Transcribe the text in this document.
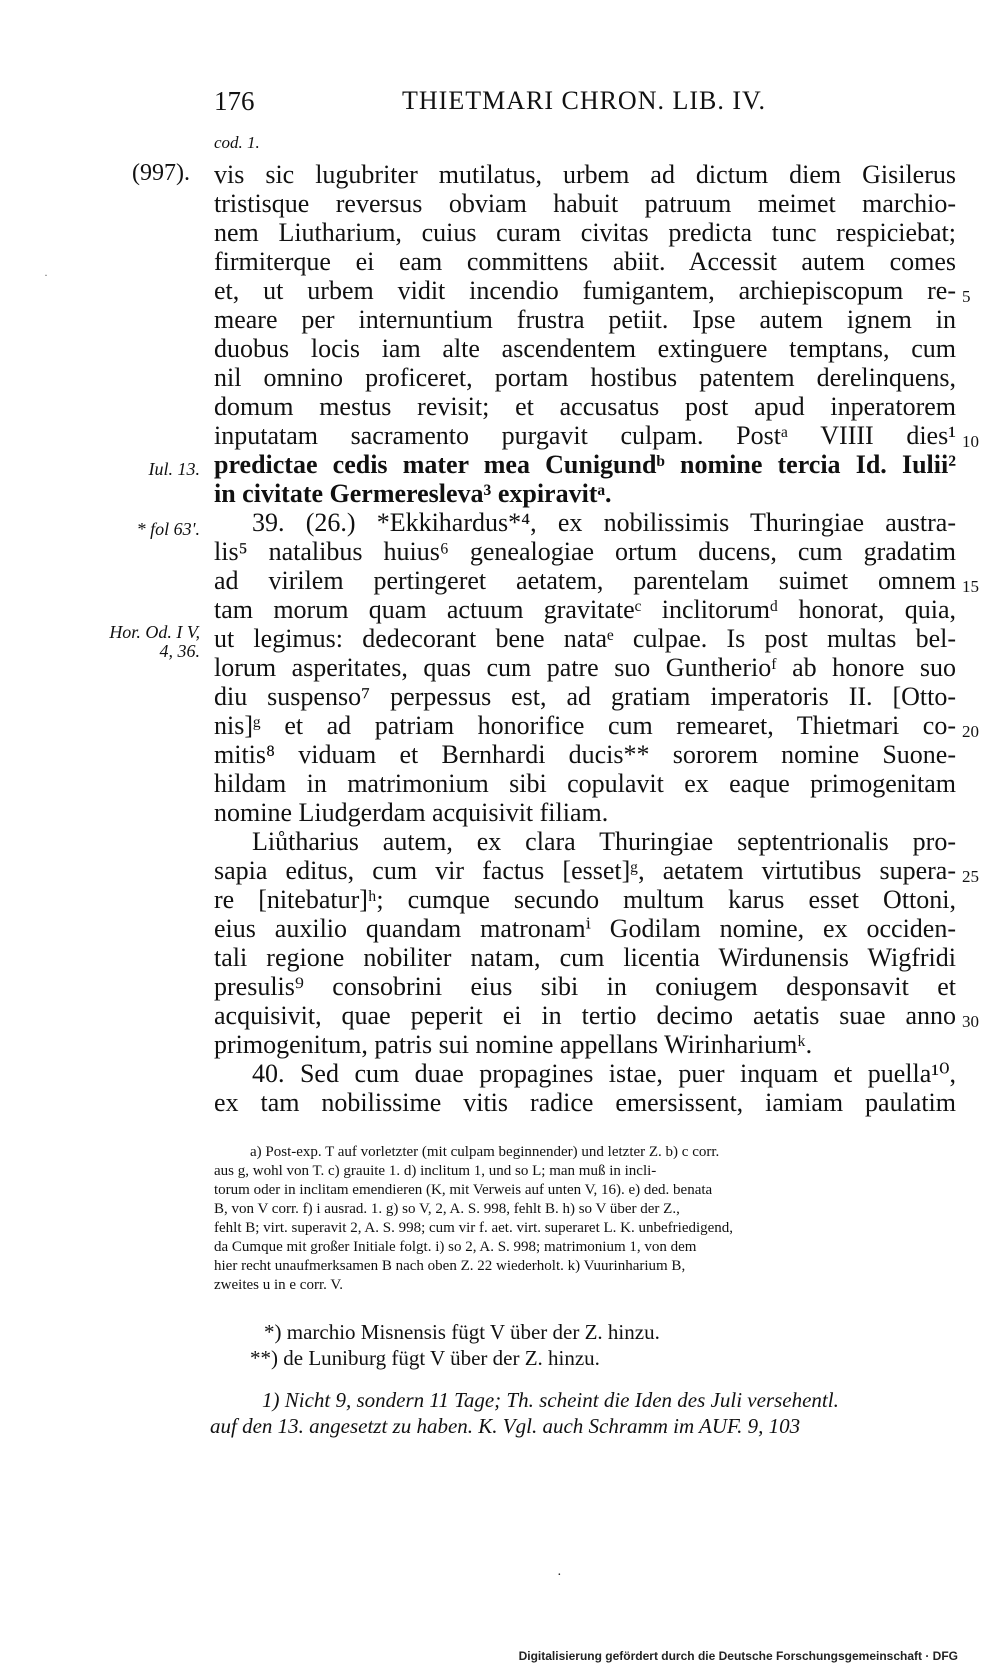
176	THIETMARI CHRON. LIB. IV.
cod. 1.
·
(997).
Iul. 13.
* fol 63'.
Hor. Od. I V,
4, 36.
5
10
15
20
25
30
vis sic lugubriter mutilatus, urbem ad dictum diem Gisilerus
tristisque reversus obviam habuit patruum meimet marchio-
nem Liutharium, cuius curam civitas predicta tunc respiciebat;
firmiterque ei eam committens abiit. Accessit autem comes
et, ut urbem vidit incendio fumigantem, archiepiscopum re-
meare per internuntium frustra petiit. Ipse autem ignem in
duobus locis iam alte ascendentem extinguere temptans, cum
nil omnino proficeret, portam hostibus patentem derelinquens,
domum mestus revisit; et accusatus post apud inperatorem
inputatam sacramento purgavit culpam. Postᵃ VIIII dies¹
predictae cedis mater mea Cunigundᵇ nomine tercia Id. Iulii²
in civitate Germeresleva³ expiravitᵃ.
39. (26.) *Ekkihardus*⁴, ex nobilissimis Thuringiae austra-
lis⁵ natalibus huius⁶ genealogiae ortum ducens, cum gradatim
ad virilem pertingeret aetatem, parentelam suimet omnem
tam morum quam actuum gravitateᶜ inclitorumᵈ honorat, quia,
ut legimus: dedecorant bene nataᵉ culpae. Is post multas bel-
lorum asperitates, quas cum patre suo Guntherioᶠ ab honore suo
diu suspenso⁷ perpessus est, ad gratiam imperatoris II. [Otto-
nis]ᵍ et ad patriam honorifice cum remearet, Thietmari co-
mitis⁸ viduam et Bernhardi ducis** sororem nomine Suone-
hildam in matrimonium sibi copulavit ex eaque primogenitam
nomine Liudgerdam acquisivit filiam.
Liůtharius autem, ex clara Thuringiae septentrionalis pro-
sapia editus, cum vir factus [esset]ᵍ, aetatem virtutibus supera-
re [nitebatur]ʰ; cumque secundo multum karus esset Ottoni,
eius auxilio quandam matronamⁱ Godilam nomine, ex occiden-
tali regione nobiliter natam, cum licentia Wirdunensis Wigfridi
presulis⁹ consobrini eius sibi in coniugem desponsavit et
acquisivit, quae peperit ei in tertio decimo aetatis suae anno
primogenitum, patris sui nomine appellans Wirinhariumᵏ.
40. Sed cum duae propagines istae, puer inquam et puella¹⁰,
ex tam nobilissime vitis radice emersissent, iamiam paulatim
a) Post-exp. T auf vorletzter (mit culpam beginnender) und letzter Z. b) c corr.
aus g, wohl von T. c) grauite 1. d) inclitum 1, und so L; man muß in incli-
torum oder in inclitam emendieren (K, mit Verweis auf unten V, 16). e) ded. benata
B, von V corr. f) i ausrad. 1. g) so V, 2, A. S. 998, fehlt B. h) so V über der Z.,
fehlt B; virt. superavit 2, A. S. 998; cum vir f. aet. virt. superaret L. K. unbefriedigend,
da Cumque mit großer Initiale folgt. i) so 2, A. S. 998; matrimonium 1, von dem
hier recht unaufmerksamen B nach oben Z. 22 wiederholt. k) Vuurinharium B,
zweites u in e corr. V.
*) marchio Misnensis fügt V über der Z. hinzu.
**) de Luniburg fügt V über der Z. hinzu.
1) Nicht 9, sondern 11 Tage; Th. scheint die Iden des Juli versehentl.
auf den 13. angesetzt zu haben. K. Vgl. auch Schramm im AUF. 9, 103
·
Digitalisierung gefördert durch die Deutsche Forschungsgemeinschaft · DFG
